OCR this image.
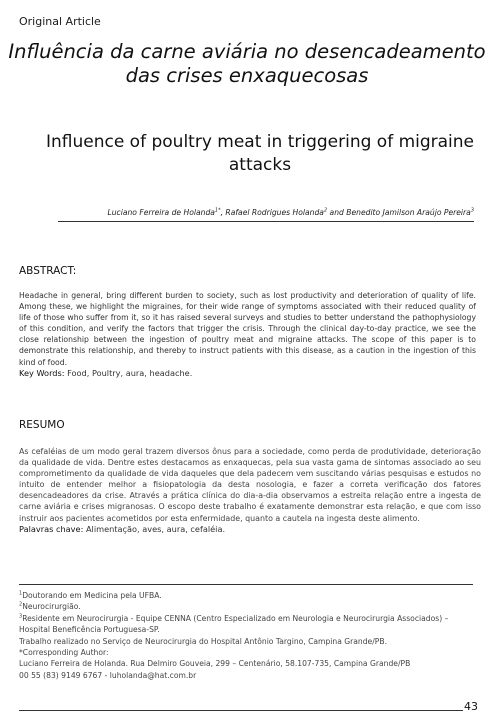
Original Article
Influência da carne aviária no desencadeamento
das crises enxaquecosas
Influence of poultry meat in triggering of migraine
attacks
Luciano Ferreira de Holanda$^{1*}$, Rafael Rodrigues Holanda$^2$ and Benedito Jamilson Araújo Pereira$^3$
ABSTRACT:
Headache in general, bring different burden to society, such as lost productivity and deterioration of quality of life. Among these, we highlight the migraines, for their wide range of symptoms associated with their reduced quality of life of those who suffer from it, so it has raised several surveys and studies to better understand the pathophysiology of this condition, and verify the factors that trigger the crisis. Through the clinical day-to-day practice, we see the close relationship between the ingestion of poultry meat and migraine attacks. The scope of this paper is to demonstrate this relationship, and thereby to instruct patients with this disease, as a caution in the ingestion of this kind of food.
Key Words: Food, Poultry, aura, headache.
RESUMO
As cefaléias de um modo geral trazem diversos ônus para a sociedade, como perda de produtividade, deterioração da qualidade de vida. Dentre estes destacamos as enxaquecas, pela sua vasta gama de sintomas associado ao seu comprometimento da qualidade de vida daqueles que dela padecem vem suscitando várias pesquisas e estudos no intuito de entender melhor a fisiopatologia da desta nosologia, e fazer a correta verificação dos fatores desencadeadores da crise. Através a prática clínica do dia-a-dia observamos a estreita relação entre a ingesta de carne aviária e crises migranosas. O escopo deste trabalho é exatamente demonstrar esta relação, e que com isso instruir aos pacientes acometidos por esta enfermidade, quanto a cautela na ingesta deste alimento.
Palavras chave: Alimentação, aves, aura, cefaléia.
$^1$Doutorando em Medicina pela UFBA.
$^2$Neurocirurgião.
$^3$Residente em Neurocirurgia - Equipe CENNA (Centro Especializado em Neurologia e Neurocirurgia Associados) –
Hospital Beneficência Portuguesa-SP.
Trabalho realizado no Serviço de Neurocirurgia do Hospital Antônio Targino, Campina Grande/PB.
*Corresponding Author:
Luciano Ferreira de Holanda. Rua Delmiro Gouveia, 299 – Centenário, 58.107-735, Campina Grande/PB
00 55 (83) 9149 6767 - luholanda@hat.com.br
43
